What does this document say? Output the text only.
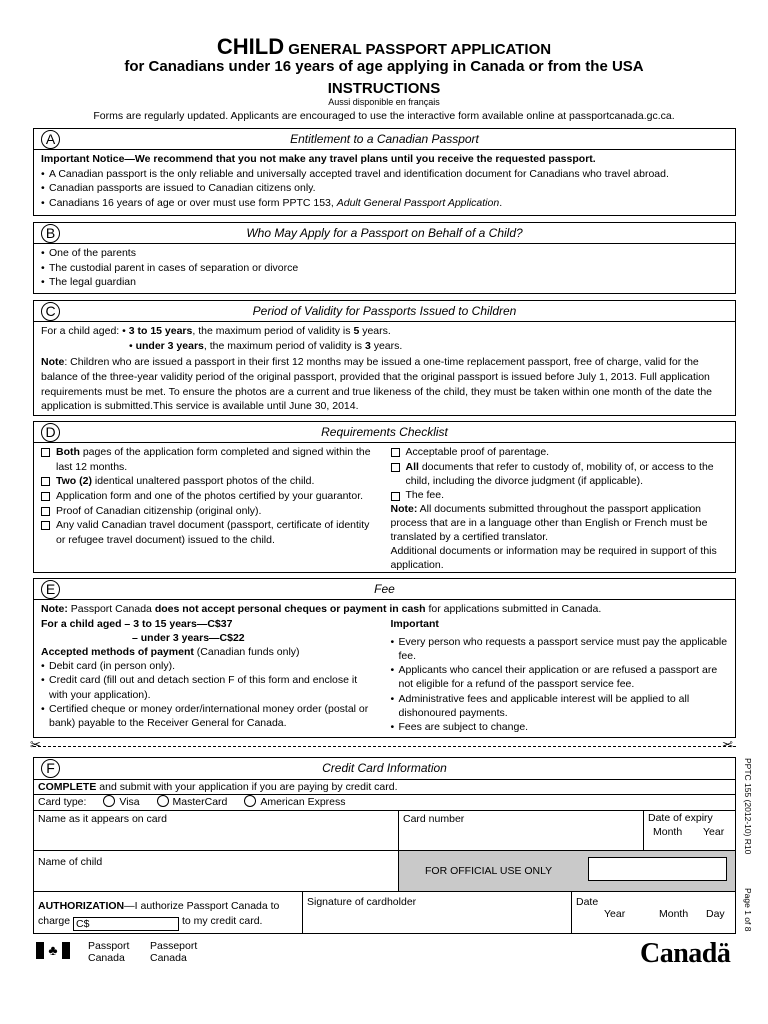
CHILD GENERAL PASSPORT APPLICATION
for Canadians under 16 years of age applying in Canada or from the USA
INSTRUCTIONS
Aussi disponible en français
Forms are regularly updated. Applicants are encouraged to use the interactive form available online at passportcanada.gc.ca.
A	Entitlement to a Canadian Passport

Important Notice—We recommend that you not make any travel plans until you receive the requested passport.

• A Canadian passport is the only reliable and universally accepted travel and identification document for Canadians who travel abroad.
• Canadian passports are issued to Canadian citizens only.
• Canadians 16 years of age or over must use form PPTC 153, Adult General Passport Application.
B	Who May Apply for a Passport on Behalf of a Child?
• One of the parents
• The custodial parent in cases of separation or divorce
• The legal guardian
C	Period of Validity for Passports Issued to Children

For a child aged: • 3 to 15 years, the maximum period of validity is 5 years.

• under 3 years, the maximum period of validity is 3 years.

Note: Children who are issued a passport in their first 12 months may be issued a one-time replacement passport, free of charge, valid for the balance of the three-year validity period of the original passport, provided that the original passport is issued before July 1, 2013. Full application requirements must be met. To ensure the photos are a current and true likeness of the child, they must be taken within one month of the date the application is submitted.This service is available until June 30, 2014.

D	Requirements Checklist
Both pages of the application form completed and signed within the last 12 months.
Two (2) identical unaltered passport photos of the child.
Application form and one of the photos certified by your guarantor.
Proof of Canadian citizenship (original only).
Any valid Canadian travel document (passport, certificate of identity or refugee travel document) issued to the child.
Acceptable proof of parentage.
All documents that refer to custody of, mobility of, or access to the child, including the divorce judgment (if applicable).
The fee.

Note: All documents submitted throughout the passport application process that are in a language other than English or French must be translated by a certified translator.

Additional documents or information may be required in support of this application.

E	Fee

Note: Passport Canada does not accept personal cheques or payment in cash for applications submitted in Canada.

For a child aged – 3 to 15 years—C$37

– under 3 years—C$22

Accepted methods of payment (Canadian funds only)

• Debit card (in person only).
• Credit card (fill out and detach section F of this form and enclose it with your application).
• Certified cheque or money order/international money order (postal or bank) payable to the Receiver General for Canada.

Important

• Every person who requests a passport service must pay the applicable fee.
• Applicants who cancel their application or are refused a passport are not eligible for a refund of the passport service fee.
• Administrative fees and applicable interest will be applied to all dishonoured payments.
• Fees are subject to change.
✂	✂
F	Credit Card Information
COMPLETE and submit with your application if you are paying by credit card.
Card type:	Visa	MasterCard	American Express
Name as it appears on card	Card number	Date of expiry
Month Year
Name of child
FOR OFFICIAL USE ONLY
AUTHORIZATION—I authorize Passport Canada to
charge C$	to my credit card.
Signature of cardholder	Date
Year	Month Day
PPTC 155 (2012-10) R10
Page 1 of 8
♣	Passport
Canada
Passeport
Canada	Canadä
